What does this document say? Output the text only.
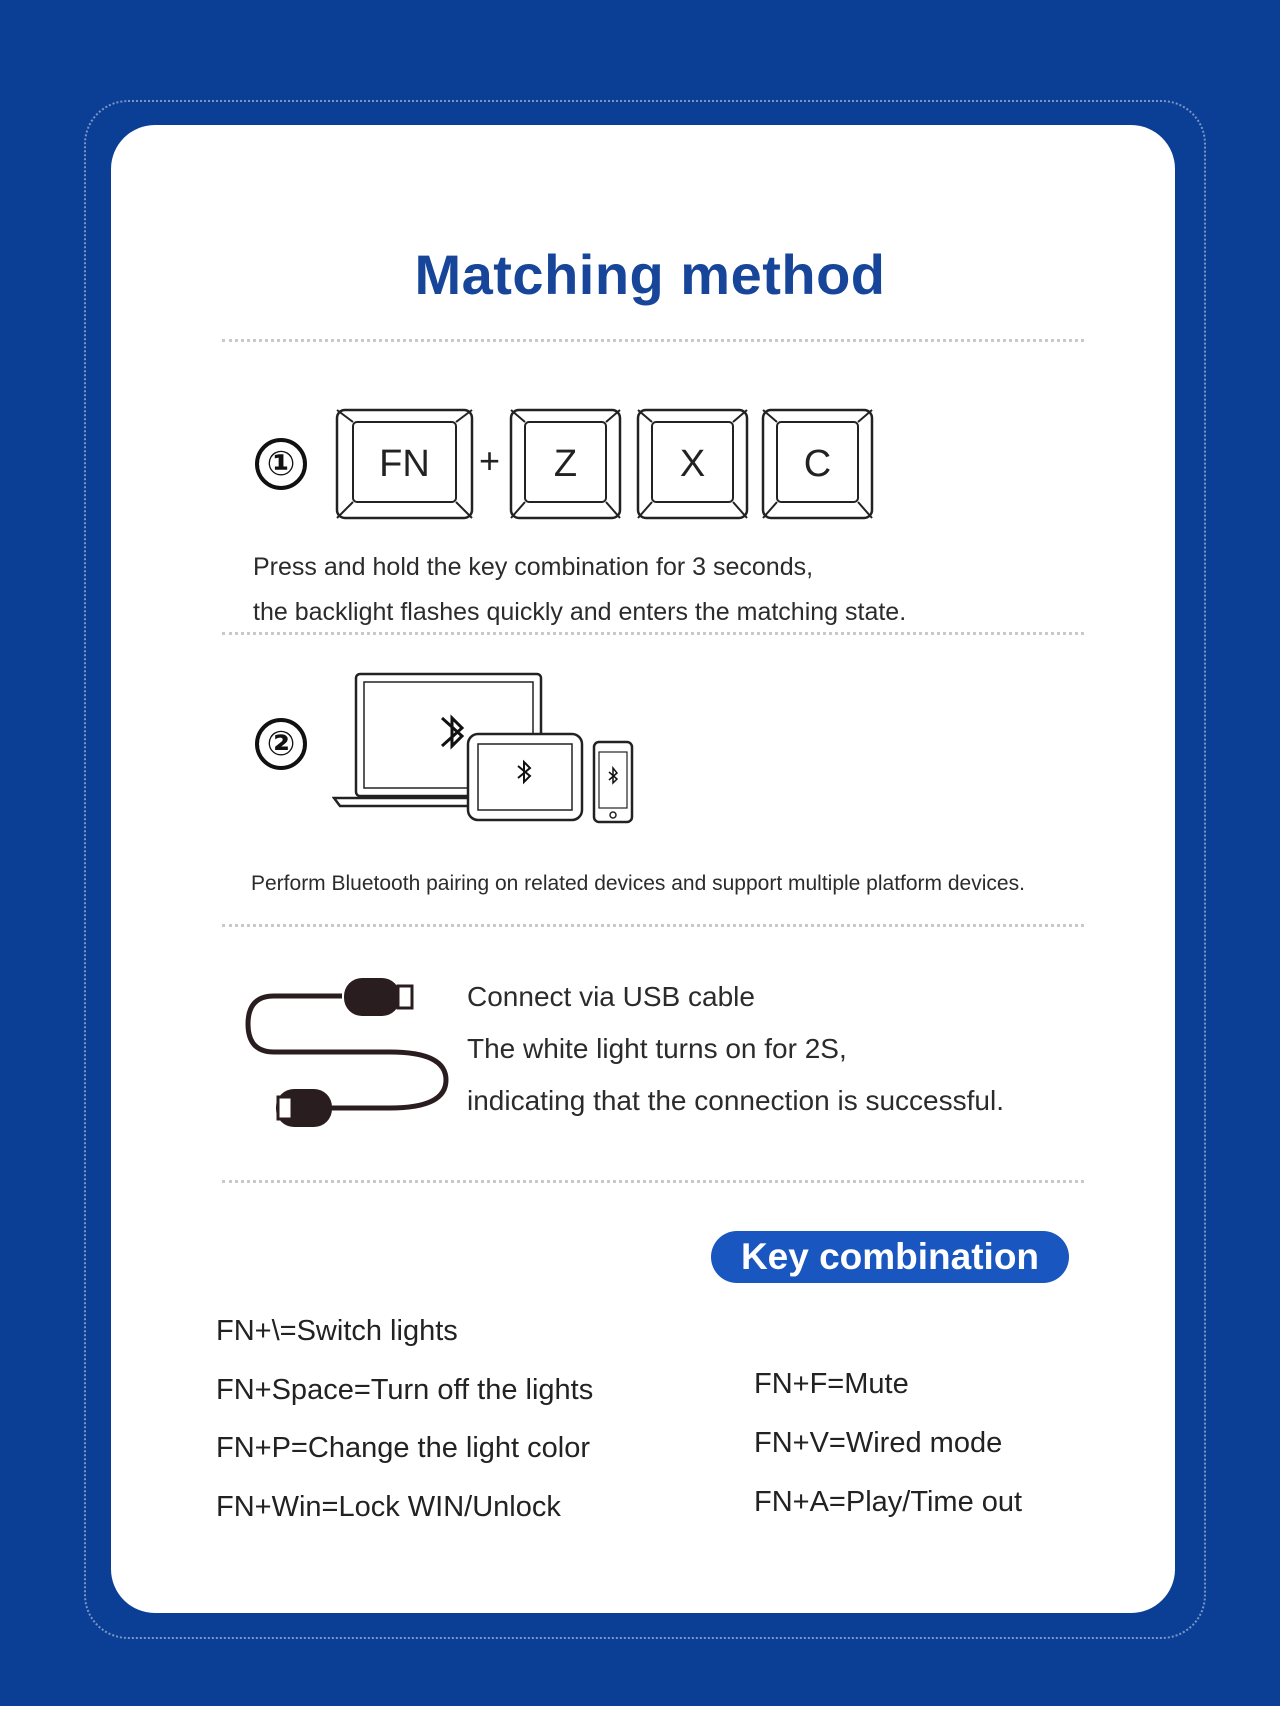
Matching method
①	FN	+	Z	X	C
Press and hold the key combination for 3 seconds,
the backlight flashes quickly and enters the matching state.
②
Perform Bluetooth pairing on related devices and support multiple platform devices.
Connect via USB cable
The white light turns on for 2S,
indicating that the connection is successful.
Key combination
FN+\=Switch lights
FN+Space=Turn off the lights
FN+P=Change the light color
FN+Win=Lock WIN/Unlock
FN+F=Mute
FN+V=Wired mode
FN+A=Play/Time out
